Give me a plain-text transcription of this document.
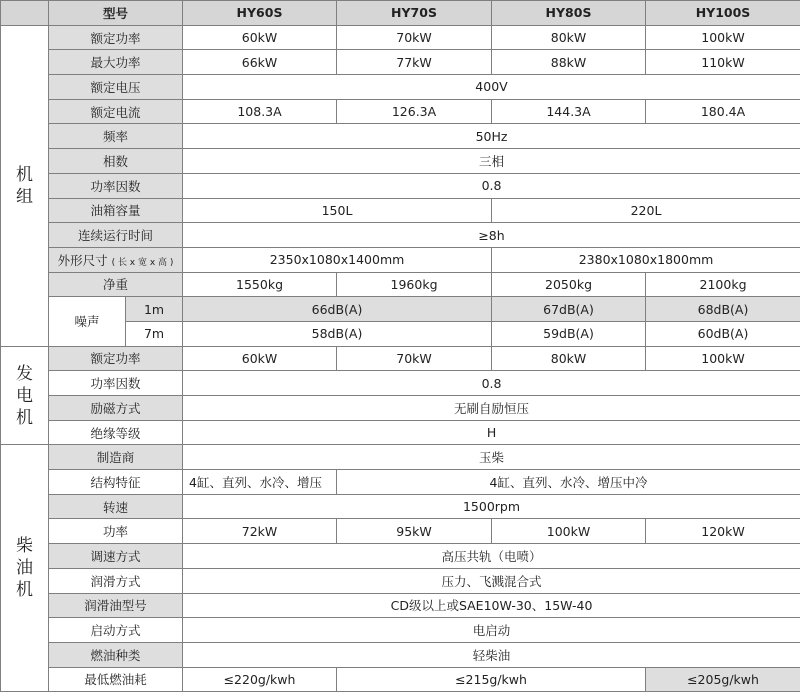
	型号		HY60S	HY70S	HY80S	HY100S

机组	额定功率		60kW	70kW	80kW	100kW
	最大功率		66kW	77kW	88kW	110kW
	额定电压		400V			
	额定电流		108.3A	126.3A	144.3A	180.4A
	频率		50Hz			
	相数		三相			
	功率因数		0.8			
	油箱容量		150L		220L	
	连续运行时间		≥8h			
	外形尺寸 ( 长 x 宽 x 高 )		2350x1080x1400mm		2380x1080x1800mm	
	净重		1550kg	1960kg	2050kg	2100kg
	噪声	1m	66dB(A)		67dB(A)	68dB(A)
		7m	58dB(A)		59dB(A)	60dB(A)

发电机	额定功率		60kW	70kW	80kW	100kW
	功率因数		0.8			
	励磁方式		无刷自励恒压			
	绝缘等级		H			

柴油机	制造商		玉柴			
	结构特征		4缸、直列、水冷、增压	4缸、直列、水冷、增压中冷		
	转速		1500rpm			
	功率		72kW	95kW	100kW	120kW
	调速方式		高压共轨（电喷）			
	润滑方式		压力、飞溅混合式			
	润滑油型号		CD级以上或SAE10W-30、15W-40			
	启动方式		电启动			
	燃油种类		轻柴油			
	最低燃油耗		≤220g/kwh	≤215g/kwh		≤205g/kwh
